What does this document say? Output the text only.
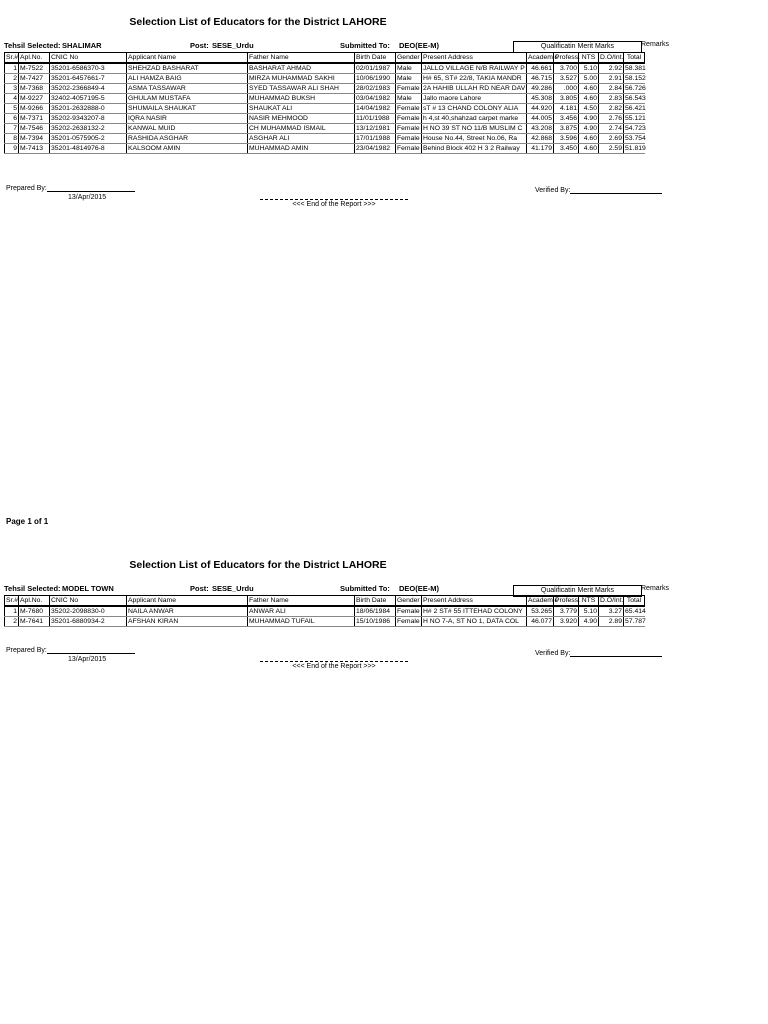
Selection List of Educators for the District LAHORE
Tehsil Selected: SHALIMAR	Post: SESE_Urdu	Submitted To: DEO(EE-M)	Qualificatin Merit Marks	Remarks
Sr.#	Apl.No.	CNIC No	Applicant Name	Father Name	Birth Date	Gender	Present Address	Academic	Profess.	NTS	D.O/Int.	Total
1	M-7522	35201-6586370-3	SHEHZAD BASHARAT	BASHARAT AHMAD	02/01/1987	Male	JALLO VILLAGE N/B RAILWAY P	46.661	3.700	5.10	2.92	58.381
2	M-7427	35201-6457661-7	ALI HAMZA BAIG	MIRZA MUHAMMAD SAKHI	10/06/1990	Male	H# 65, ST# 22/8, TAKIA MANDR	46.715	3.527	5.00	2.91	58.152
3	M-7368	35202-2366849-4	ASMA TASSAWAR	SYED TASSAWAR ALI SHAH	28/02/1983	Female	2A HAHIB ULLAH RD NEAR DAV	49.286	.000	4.60	2.84	56.726
4	M-9227	32402-4057195-5	GHULAM MUSTAFA	MUHAMMAD BUKSH	03/04/1982	Male	Jallo maore Lahore	45.308	3.805	4.60	2.83	56.543
5	M-9266	35201-2632888-0	SHUMAILA SHAUKAT	SHAUKAT ALI	14/04/1982	Female	sT # 13 CHAND COLONY ALIA	44.920	4.181	4.50	2.82	56.421
6	M-7371	35202-9343207-8	IQRA NASIR	NASIR MEHMOOD	11/01/1988	Female	h 4,st 40,shahzad carpet marke	44.005	3.456	4.90	2.76	55.121
7	M-7546	35202-2638132-2	KANWAL MUID	CH MUHAMMAD ISMAIL	13/12/1981	Female	H NO 39 ST NO 11/B MUSLIM C	43.208	3.875	4.90	2.74	54.723
8	M-7394	35201-0575905-2	RASHIDA ASGHAR	ASGHAR ALI	17/01/1988	Female	House No.44, Street No.06, Ra	42.868	3.596	4.60	2.69	53.754
9	M-7413	35201-4814976-8	KALSOOM AMIN	MUHAMMAD AMIN	23/04/1982	Female	Behind Block 402 H 3 2 Railway	41.179	3.450	4.60	2.59	51.819
Prepared By:
13/Apr/2015
<<< End of the Report >>>
Verified By:
Page 1 of 1
Selection List of Educators for the District LAHORE
Tehsil Selected: MODEL TOWN	Post: SESE_Urdu	Submitted To: DEO(EE-M)	Qualificatin Merit Marks	Remarks
Sr.#	Apl.No.	CNIC No	Applicant Name	Father Name	Birth Date	Gender	Present Address	Academic	Profess.	NTS	D.O/Int.	Total
1	M-7680	35202-2098830-0	NAILA ANWAR	ANWAR ALI	18/06/1984	Female	H# 2 ST# 55 ITTEHAD COLONY	53.265	3.779	5.10	3.27	65.414
2	M-7641	35201-6880934-2	AFSHAN KIRAN	MUHAMMAD TUFAIL	15/10/1986	Female	H NO 7-A, ST NO 1, DATA COL	46.077	3.920	4.90	2.89	57.787
Prepared By:
13/Apr/2015
<<< End of the Report >>>
Verified By:
